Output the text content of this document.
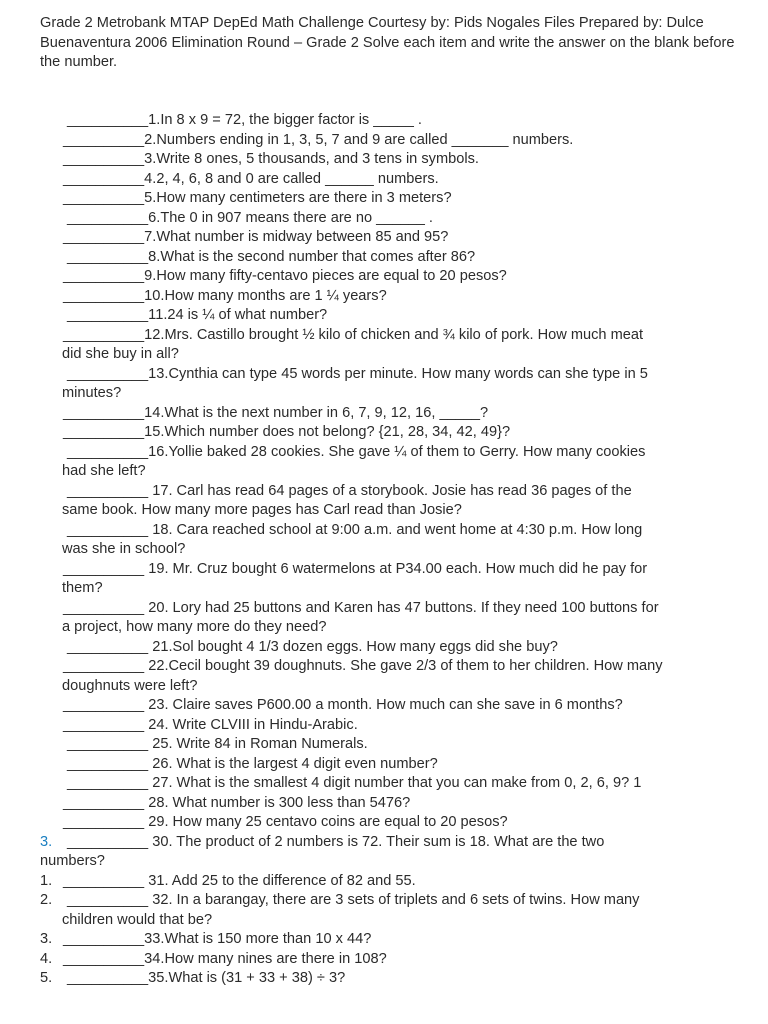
Grade 2 Metrobank MTAP DepEd Math Challenge Courtesy by: Pids Nogales Files Prepared by: Dulce Buenaventura 2006 Elimination Round – Grade 2 Solve each item and write the answer on the blank before the number.

__________1.In 8 x 9 = 72, the bigger factor is _____ .
__________2.Numbers ending in 1, 3, 5, 7 and 9 are called _______ numbers.
__________3.Write 8 ones, 5 thousands, and 3 tens in symbols.
__________4.2, 4, 6, 8 and 0 are called ______ numbers.
__________5.How many centimeters are there in 3 meters?
__________6.The 0 in 907 means there are no ______ .
__________7.What number is midway between 85 and 95?
__________8.What is the second number that comes after 86?
__________9.How many fifty-centavo pieces are equal to 20 pesos?
__________10.How many months are 1 ¼ years?
__________11.24 is ¼ of what number?
__________12.Mrs. Castillo brought ½ kilo of chicken and ¾ kilo of pork. How much meat
did she buy in all?
__________13.Cynthia can type 45 words per minute. How many words can she type in 5
minutes?
__________14.What is the next number in 6, 7, 9, 12, 16, _____?
__________15.Which number does not belong? {21, 28, 34, 42, 49}?
__________16.Yollie baked 28 cookies. She gave ¼ of them to Gerry. How many cookies
had she left?
__________ 17. Carl has read 64 pages of a storybook. Josie has read 36 pages of the
same book. How many more pages has Carl read than Josie?
__________ 18. Cara reached school at 9:00 a.m. and went home at 4:30 p.m. How long
was she in school?
__________ 19. Mr. Cruz bought 6 watermelons at P34.00 each. How much did he pay for
them?
__________ 20. Lory had 25 buttons and Karen has 47 buttons. If they need 100 buttons for
a project, how many more do they need?
__________ 21.Sol bought 4 1/3 dozen eggs. How many eggs did she buy?
__________ 22.Cecil bought 39 doughnuts. She gave 2/3 of them to her children. How many
doughnuts were left?
__________ 23. Claire saves P600.00 a month. How much can she save in 6 months?
__________ 24. Write CLVIII in Hindu-Arabic.
__________ 25. Write 84 in Roman Numerals.
__________ 26. What is the largest 4 digit even number?
__________ 27. What is the smallest 4 digit number that you can make from 0, 2, 6, 9? 1
__________ 28. What number is 300 less than 5476?
__________ 29. How many 25 centavo coins are equal to 20 pesos?
3.	__________ 30. The product of 2 numbers is 72. Their sum is 18. What are the two
numbers?
1. __________ 31. Add 25 to the difference of 82 and 55.
2.	__________ 32. In a barangay, there are 3 sets of triplets and 6 sets of twins. How many
children would that be?
3. __________33.What is 150 more than 10 x 44?
4. __________34.How many nines are there in 108?
5.	__________35.What is (31 + 33 + 38) ÷ 3?
